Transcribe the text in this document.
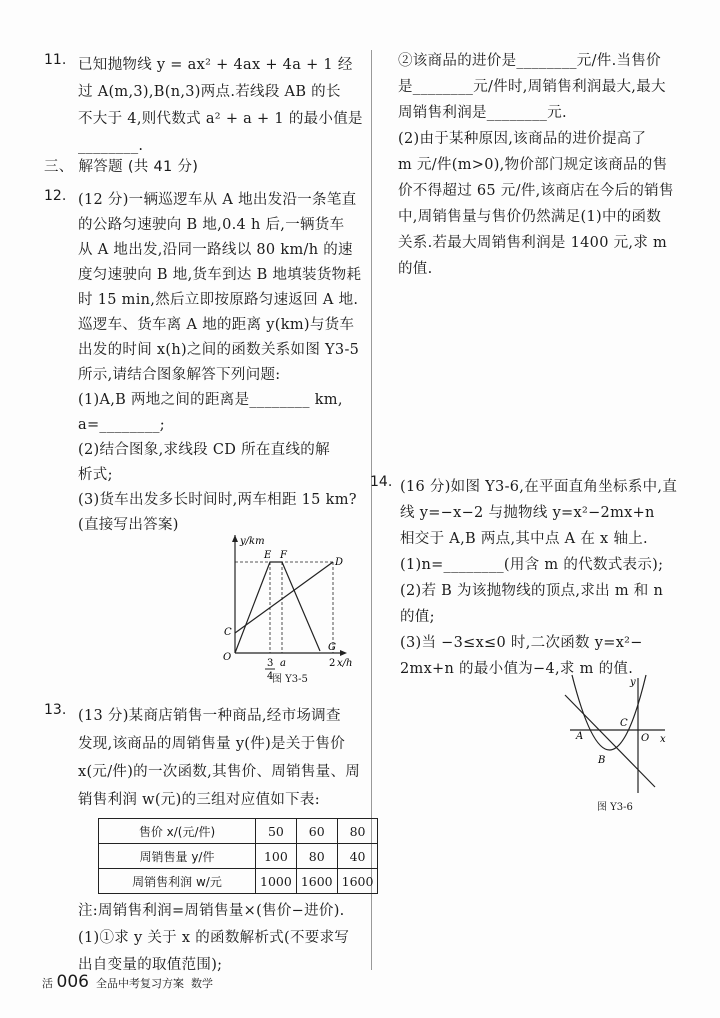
11. 已知抛物线 y = ax² + 4ax + 4a + 1 经
过 A(m,3),B(n,3)两点.若线段 AB 的长
不大于 4,则代数式 a² + a + 1 的最小值是
________.
三、 解答题 (共 41 分)
12. (12 分)一辆巡逻车从 A 地出发沿一条笔直
的公路匀速驶向 B 地,0.4 h 后,一辆货车
从 A 地出发,沿同一路线以 80 km/h 的速
度匀速驶向 B 地,货车到达 B 地填装货物耗
时 15 min,然后立即按原路匀速返回 A 地.
巡逻车、货车离 A 地的距离 y(km)与货车
出发的时间 x(h)之间的函数关系如图 Y3-5
所示,请结合图象解答下列问题:
(1)A,B 两地之间的距离是________ km,
a=________;
(2)结合图象,求线段 CD 所在直线的解
析式;
(3)货车出发多长时间时,两车相距 15 km?
(直接写出答案)
y/km
E F
D
C
O
G
a
3
4
2 x/h
图 Y3-5
13. (13 分)某商店销售一种商品,经市场调查
发现,该商品的周销售量 y(件)是关于售价
x(元/件)的一次函数,其售价、周销售量、周
销售利润 w(元)的三组对应值如下表:
售价 x/(元/件)	50	60	80
周销售量 y/件	100	80	40
周销售利润 w/元	1000	1600	1600
注:周销售利润=周销售量×(售价−进价).
(1)①求 y 关于 x 的函数解析式(不要求写
出自变量的取值范围);
②该商品的进价是________元/件.当售价
是________元/件时,周销售利润最大,最大
周销售利润是________元.
(2)由于某种原因,该商品的进价提高了
m 元/件(m>0),物价部门规定该商品的售
价不得超过 65 元/件,该商店在今后的销售
中,周销售量与售价仍然满足(1)中的函数
关系.若最大周销售利润是 1400 元,求 m
的值.
14. (16 分)如图 Y3-6,在平面直角坐标系中,直
线 y=−x−2 与抛物线 y=x²−2mx+n
相交于 A,B 两点,其中点 A 在 x 轴上.
(1)n=________(用含 m 的代数式表示);
(2)若 B 为该抛物线的顶点,求出 m 和 n
的值;
(3)当 −3≤x≤0 时,二次函数 y=x²−
2mx+n 的最小值为−4,求 m 的值.
y
x
A
B
C
O
图 Y3-6
活 006 全品中考复习方案 数学
